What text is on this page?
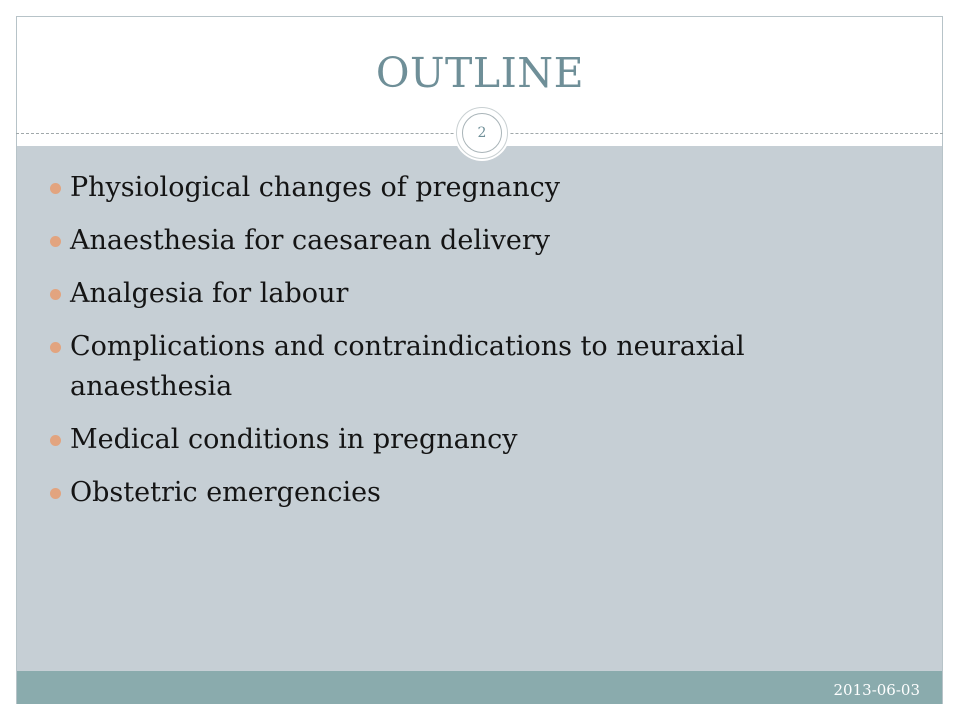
OUTLINE
2
Physiological changes of pregnancy
Anaesthesia for caesarean delivery
Analgesia for labour
Complications and contraindications to neuraxial anaesthesia
Medical conditions in pregnancy
Obstetric emergencies
2013-06-03
